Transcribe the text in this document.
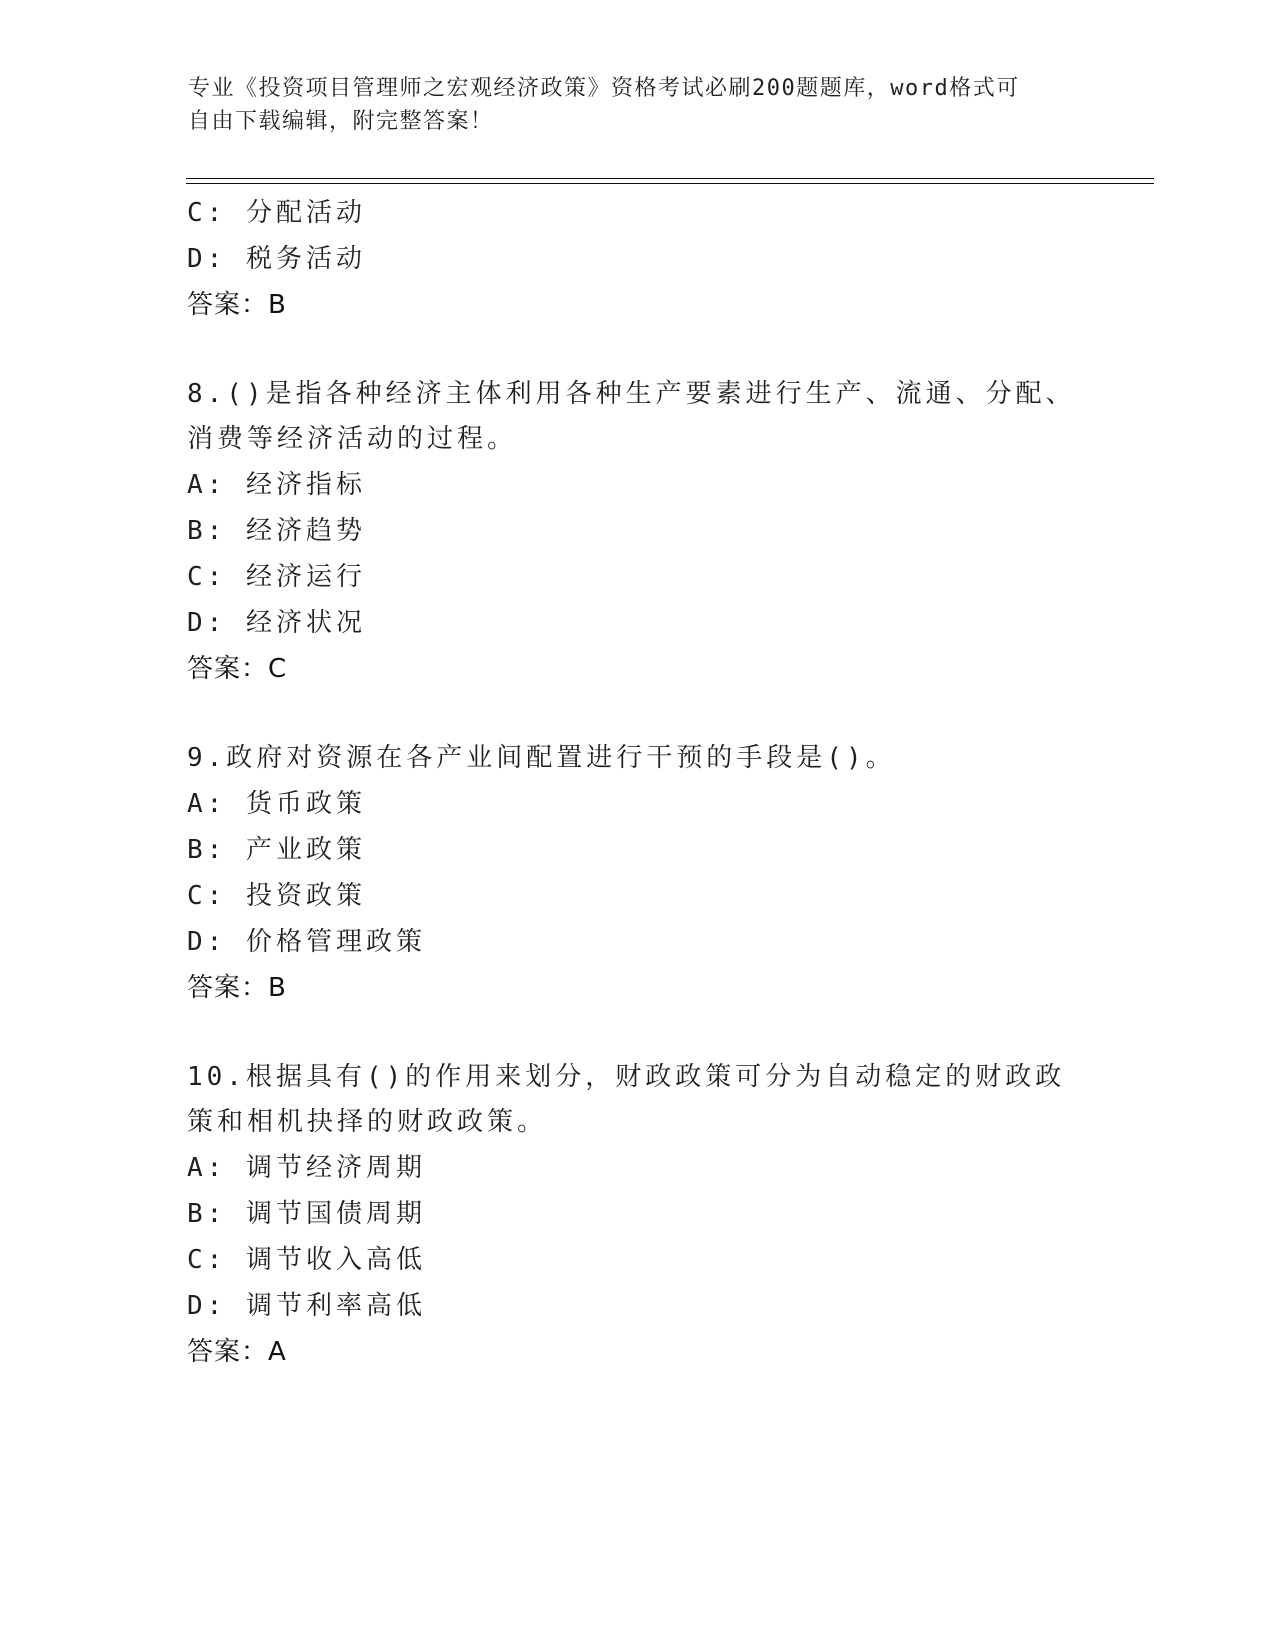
专业《投资项目管理师之宏观经济政策》资格考试必刷200题题库，word格式可
自由下载编辑，附完整答案！
C: 分配活动
D: 税务活动
答案：B
8.()是指各种经济主体利用各种生产要素进行生产、流通、分配、消费等经济活动的过程。
A: 经济指标
B: 经济趋势
C: 经济运行
D: 经济状况
答案：C
9.政府对资源在各产业间配置进行干预的手段是()。
A: 货币政策
B: 产业政策
C: 投资政策
D: 价格管理政策
答案：B
10.根据具有()的作用来划分，财政政策可分为自动稳定的财政政策和相机抉择的财政政策。
A: 调节经济周期
B: 调节国债周期
C: 调节收入高低
D: 调节利率高低
答案：A
